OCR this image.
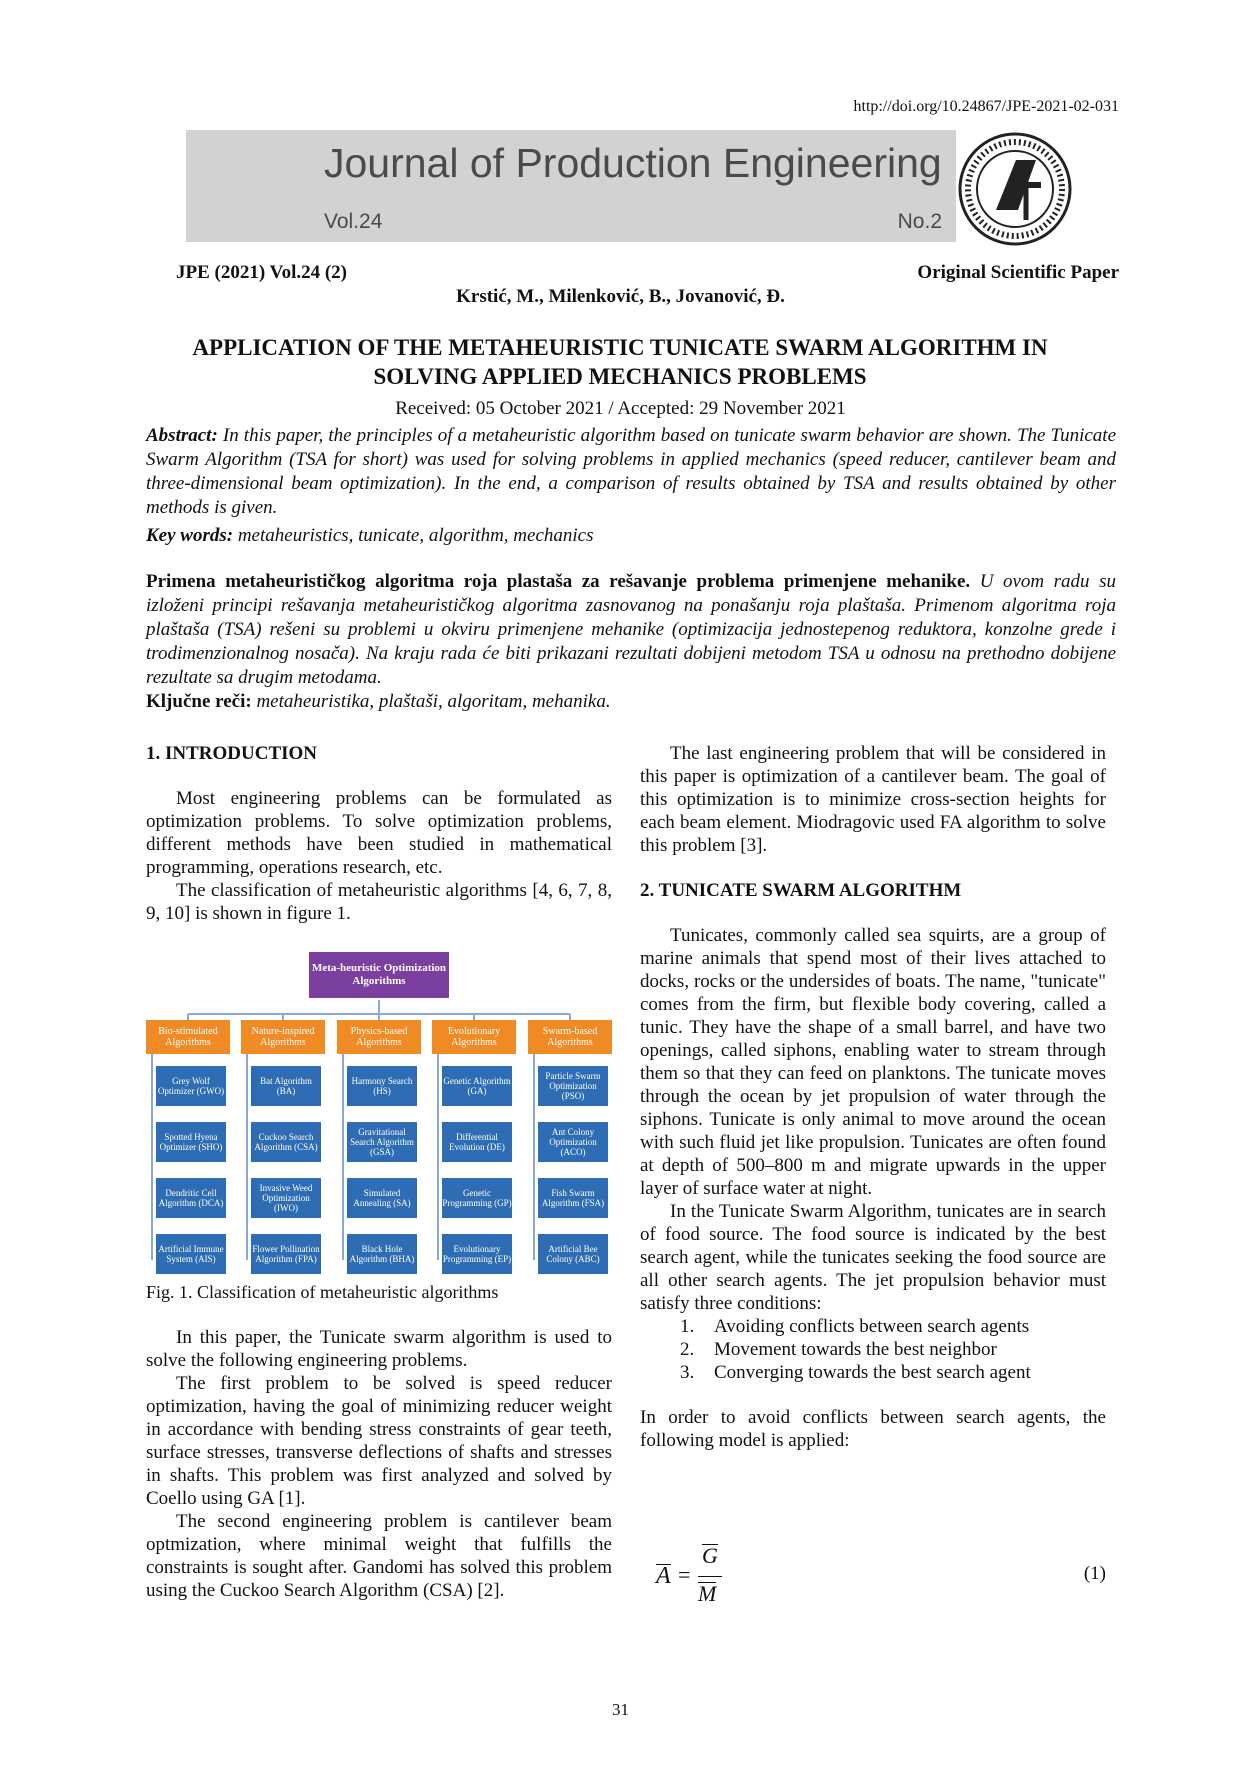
http://doi.org/10.24867/JPE-2021-02-031
Journal of Production Engineering
Vol.24	No.2
JPE (2021) Vol.24 (2)	Original Scientific Paper
Krstić, M., Milenković, B., Jovanović, Đ.
APPLICATION OF THE METAHEURISTIC TUNICATE SWARM ALGORITHM IN
SOLVING APPLIED MECHANICS PROBLEMS
Received: 05 October 2021 / Accepted: 29 November 2021
Abstract: In this paper, the principles of a metaheuristic algorithm based on tunicate swarm behavior are shown. The Tunicate Swarm Algorithm (TSA for short) was used for solving problems in applied mechanics (speed reducer, cantilever beam and three-dimensional beam optimization). In the end, a comparison of results obtained by TSA and results obtained by other methods is given.
Key words: metaheuristics, tunicate, algorithm, mechanics
Primena metaheurističkog algoritma roja plastaša za rešavanje problema primenjene mehanike. U ovom radu su izloženi principi rešavanja metaheurističkog algoritma zasnovanog na ponašanju roja plaštaša. Primenom algoritma roja plaštaša (TSA) rešeni su problemi u okviru primenjene mehanike (optimizacija jednostepenog reduktora, konzolne grede i trodimenzionalnog nosača). Na kraju rada će biti prikazani rezultati dobijeni metodom TSA u odnosu na prethodno dobijene rezultate sa drugim metodama.
Ključne reči: metaheuristika, plaštaši, algoritam, mehanika.
1. INTRODUCTION

Most engineering problems can be formulated as optimization problems. To solve optimization problems, different methods have been studied in mathematical programming, operations research, etc.

The classification of metaheuristic algorithms [4, 6, 7, 8, 9, 10] is shown in figure 1.

Meta-heuristic Optimization Algorithms
Bio-stimulated Algorithms
Grey Wolf Optimizer (GWO)
Spotted Hyena Optimizer (SHO)
Dendritic Cell Algorithm (DCA)
Artificial Immune System (AIS)
Nature-inspired Algorithms
Bat Algorithm (BA)
Cuckoo Search Algorithm (CSA)
Invasive Weed Optimization (IWO)
Flower Pollination Algorithm (FPA)
Physics-based Algorithms
Harmony Search (HS)
Gravitational Search Algorithm (GSA)
Simulated Annealing (SA)
Black Hole Algorithm (BHA)
Evolutionary Algorithms
Genetic Algorithm (GA)
Differential Evolution (DE)
Genetic Programming (GP)
Evolutionary Programming (EP)
Swarm-based Algorithms
Particle Swarm Optimization (PSO)
Ant Colony Optimization (ACO)
Fish Swarm Algorithm (FSA)
Artificial Bee Colony (ABC)
Fig. 1. Classification of metaheuristic algorithms

In this paper, the Tunicate swarm algorithm is used to solve the following engineering problems.

The first problem to be solved is speed reducer optimization, having the goal of minimizing reducer weight in accordance with bending stress constraints of gear teeth, surface stresses, transverse deflections of shafts and stresses in shafts. This problem was first analyzed and solved by Coello using GA [1].

The second engineering problem is cantilever beam optmization, where minimal weight that fulfills the constraints is sought after. Gandomi has solved this problem using the Cuckoo Search Algorithm (CSA) [2].

The last engineering problem that will be considered in this paper is optimization of a cantilever beam. The goal of this optimization is to minimize cross-section heights for each beam element. Miodragovic used FA algorithm to solve this problem [3].

2. TUNICATE SWARM ALGORITHM

Tunicates, commonly called sea squirts, are a group of marine animals that spend most of their lives attached to docks, rocks or the undersides of boats. The name, "tunicate" comes from the firm, but flexible body covering, called a tunic. They have the shape of a small barrel, and have two openings, called siphons, enabling water to stream through them so that they can feed on planktons. The tunicate moves through the ocean by jet propulsion of water through the siphons. Tunicate is only animal to move around the ocean with such fluid jet like propulsion. Tunicates are often found at depth of 500–800 m and migrate upwards in the upper layer of surface water at night.

In the Tunicate Swarm Algorithm, tunicates are in search of food source. The food source is indicated by the best search agent, while the tunicates seeking the food source are all other search agents. The jet propulsion behavior must satisfy three conditions:

1. Avoiding conflicts between search agents
2. Movement towards the best neighbor
3. Converging towards the best search agent

In order to avoid conflicts between search agents, the following model is applied:

A =
G
M
(1)
31
